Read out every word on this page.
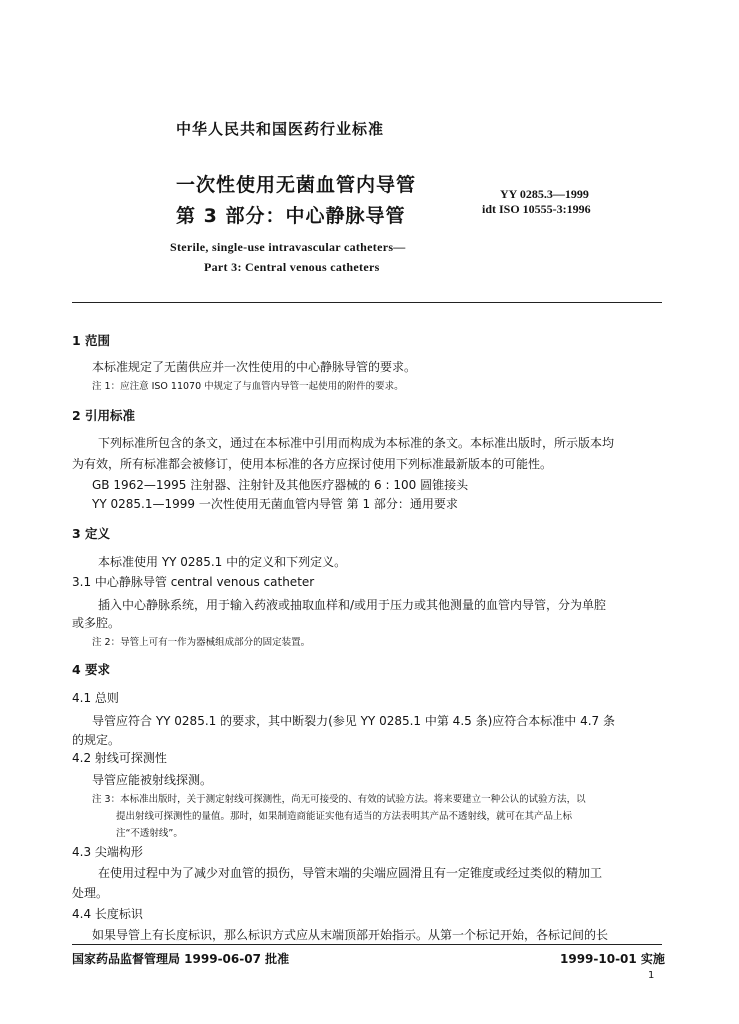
中华人民共和国医药行业标准
一次性使用无菌血管内导管
第 3 部分：中心静脉导管
YY 0285.3—1999
idt ISO 10555-3:1996
Sterile, single-use intravascular catheters—
Part 3: Central venous catheters
1 范围
本标准规定了无菌供应并一次性使用的中心静脉导管的要求。
注 1：应注意 ISO 11070 中规定了与血管内导管一起使用的附件的要求。
2 引用标准
下列标准所包含的条文，通过在本标准中引用而构成为本标准的条文。本标准出版时，所示版本均
为有效，所有标准都会被修订，使用本标准的各方应探讨使用下列标准最新版本的可能性。
GB 1962—1995 注射器、注射针及其他医疗器械的 6 : 100 圆锥接头
YY 0285.1—1999 一次性使用无菌血管内导管 第 1 部分：通用要求
3 定义
本标准使用 YY 0285.1 中的定义和下列定义。
3.1 中心静脉导管 central venous catheter
插入中心静脉系统，用于输入药液或抽取血样和/或用于压力或其他测量的血管内导管，分为单腔
或多腔。
注 2：导管上可有一作为器械组成部分的固定装置。
4 要求
4.1 总则
导管应符合 YY 0285.1 的要求，其中断裂力(参见 YY 0285.1 中第 4.5 条)应符合本标准中 4.7 条
的规定。
4.2 射线可探测性
导管应能被射线探测。
注 3：本标准出版时，关于测定射线可探测性，尚无可接受的、有效的试验方法。将来要建立一种公认的试验方法，以
提出射线可探测性的量值。那时，如果制造商能证实他有适当的方法表明其产品不透射线，就可在其产品上标
注“不透射线”。
4.3 尖端构形
在使用过程中为了减少对血管的损伤，导管末端的尖端应圆滑且有一定锥度或经过类似的精加工
处理。
4.4 长度标识
如果导管上有长度标识，那么标识方式应从末端顶部开始指示。从第一个标记开始，各标记间的长
国家药品监督管理局 1999-06-07 批准	1999-10-01 实施
1
